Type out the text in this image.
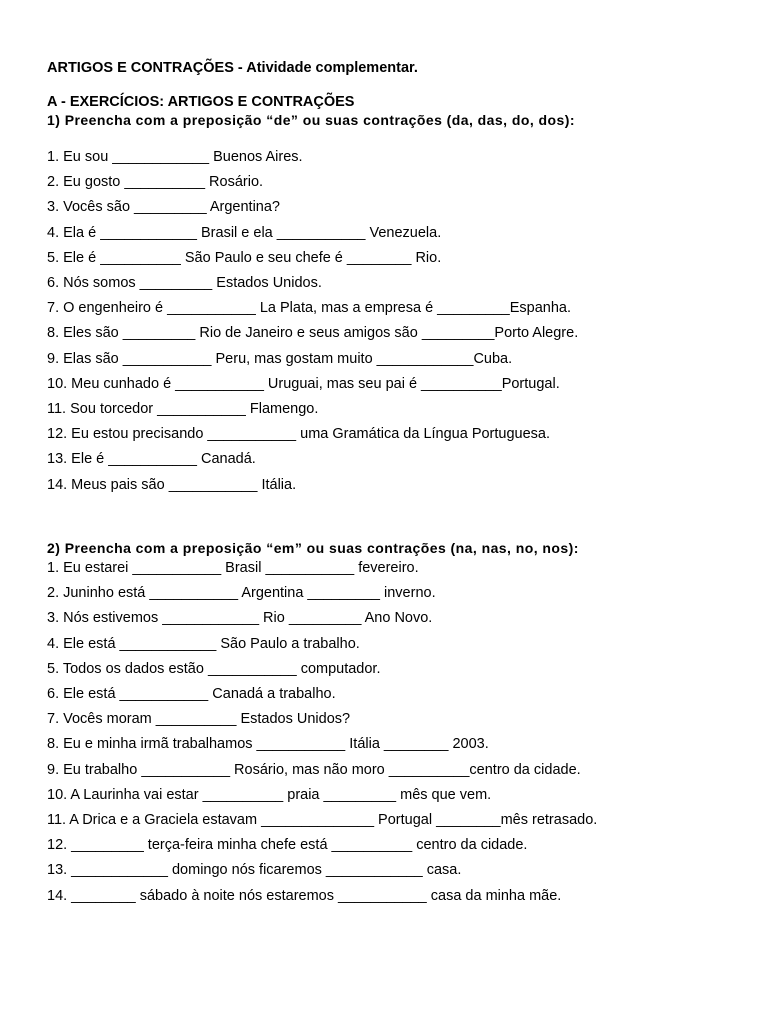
ARTIGOS E CONTRAÇÕES - Atividade complementar.
A - EXERCÍCIOS: ARTIGOS E CONTRAÇÕES
1) Preencha com a preposição “de” ou suas contrações (da, das, do, dos):
1. Eu sou ____________ Buenos Aires.
2. Eu gosto __________ Rosário.
3. Vocês são _________ Argentina?
4. Ela é ____________ Brasil e ela ___________ Venezuela.
5. Ele é __________ São Paulo e seu chefe é ________ Rio.
6. Nós somos _________ Estados Unidos.
7. O engenheiro é ___________ La Plata, mas a empresa é _________Espanha.
8. Eles são _________ Rio de Janeiro e seus amigos são _________Porto Alegre.
9. Elas são ___________ Peru, mas gostam muito ____________Cuba.
10. Meu cunhado é ___________ Uruguai, mas seu pai é __________Portugal.
11. Sou torcedor ___________ Flamengo.
12. Eu estou precisando ___________ uma Gramática da Língua Portuguesa.
13. Ele é ___________ Canadá.
14. Meus pais são ___________ Itália.
2) Preencha com a preposição “em” ou suas contrações (na, nas, no, nos):
1. Eu estarei ___________ Brasil ___________ fevereiro.
2. Juninho está ___________ Argentina _________ inverno.
3. Nós estivemos ____________ Rio _________ Ano Novo.
4. Ele está ____________ São Paulo a trabalho.
5. Todos os dados estão ___________ computador.
6. Ele está ___________ Canadá a trabalho.
7. Vocês moram __________ Estados Unidos?
8. Eu e minha irmã trabalhamos ___________ Itália ________ 2003.
9. Eu trabalho ___________ Rosário, mas não moro __________centro da cidade.
10. A Laurinha vai estar __________ praia _________ mês que vem.
11. A Drica e a Graciela estavam ______________ Portugal ________mês retrasado.
12. _________ terça-feira minha chefe está __________ centro da cidade.
13. ____________ domingo nós ficaremos ____________ casa.
14. ________ sábado à noite nós estaremos ___________ casa da minha mãe.
